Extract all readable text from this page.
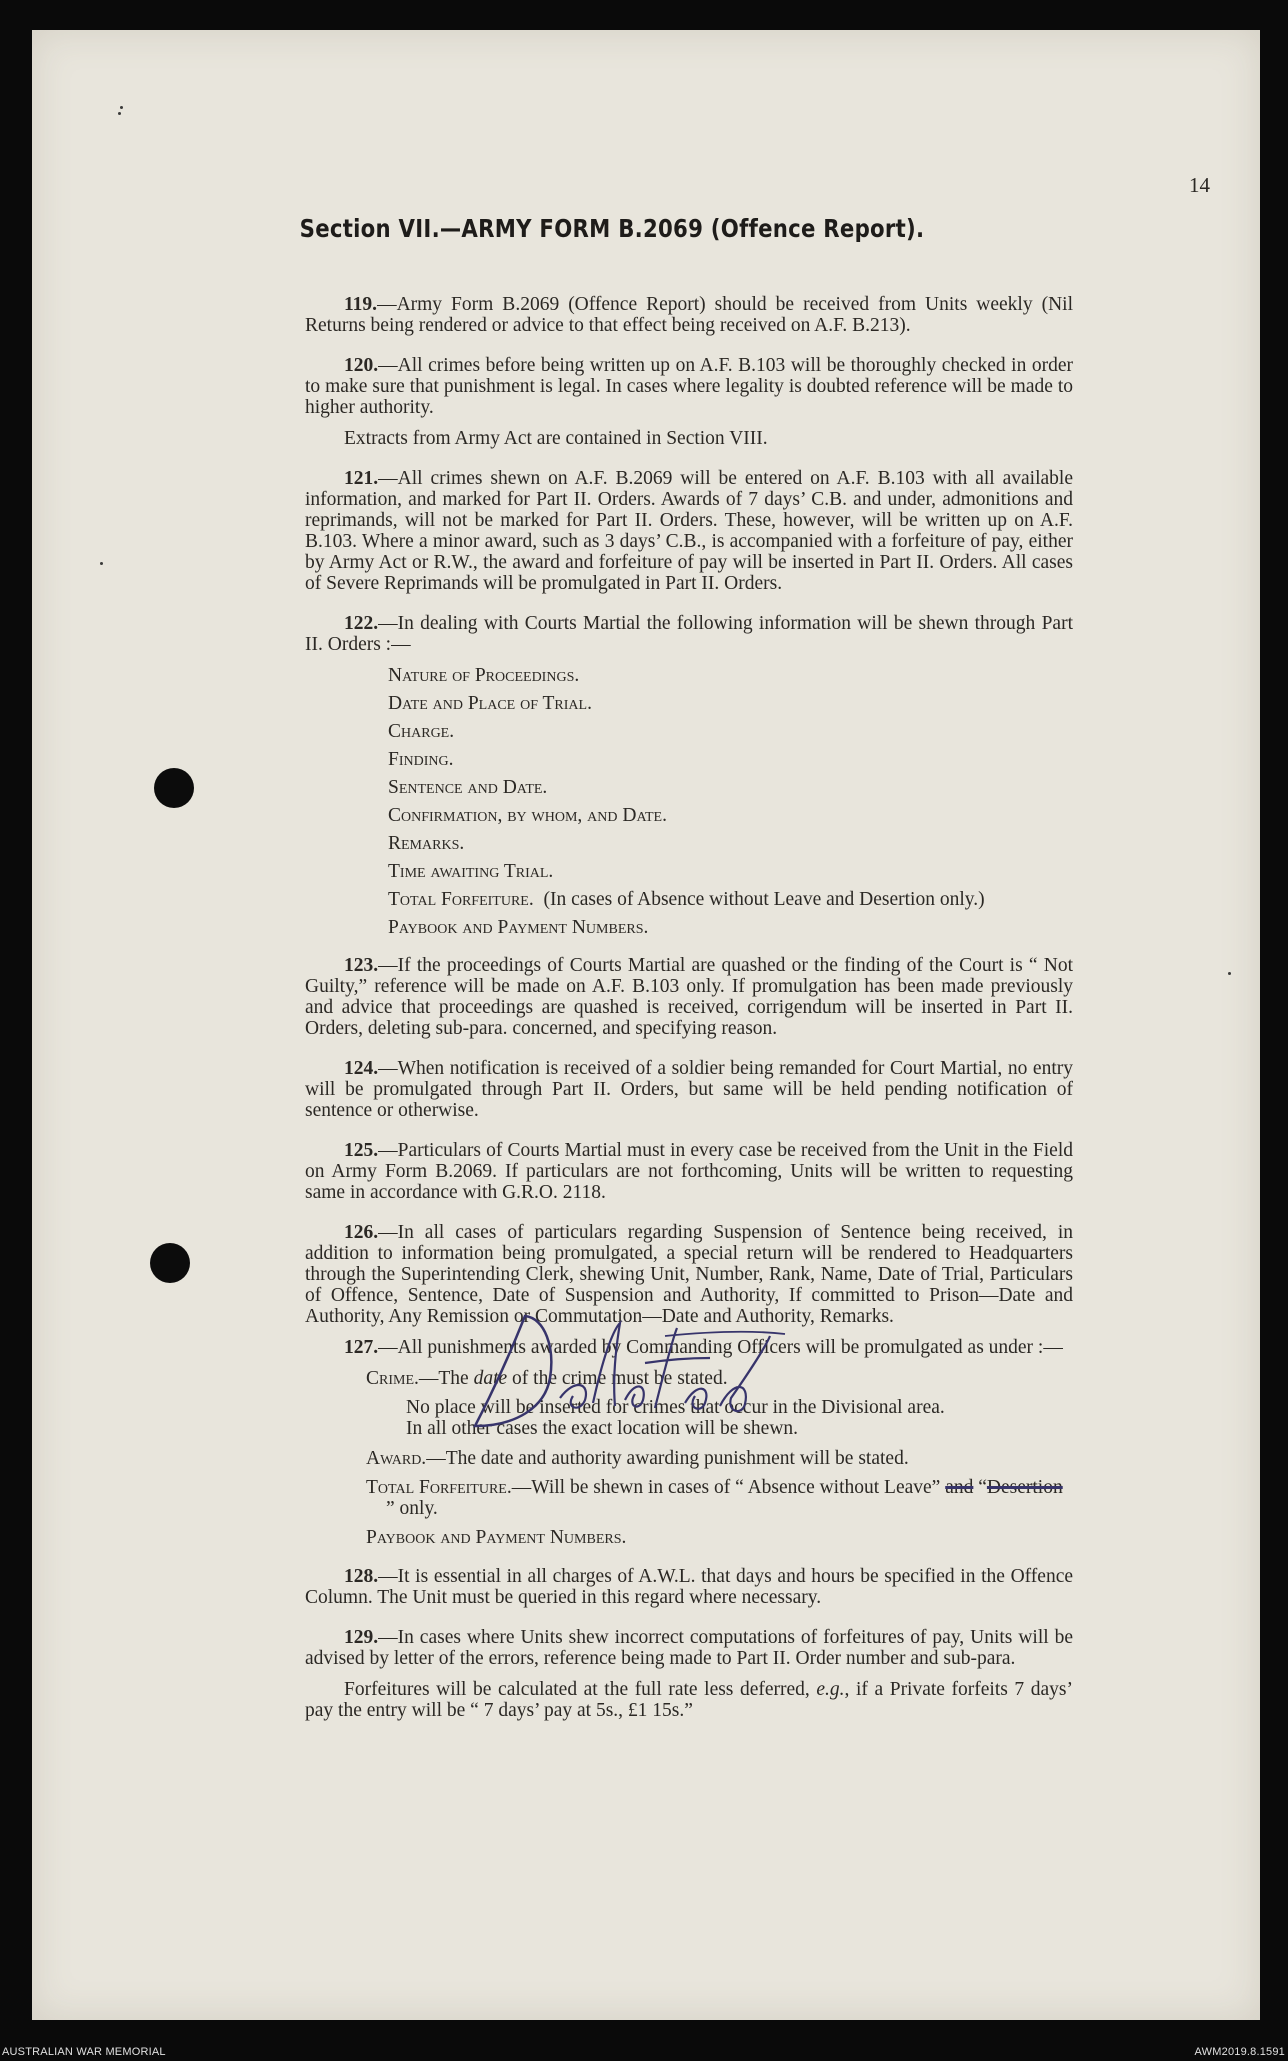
14
Section VII.—ARMY FORM B.2069 (Offence Report).

119.—Army Form B.2069 (Offence Report) should be received from Units weekly (Nil Returns being rendered or advice to that effect being received on A.F. B.213).

120.—All crimes before being written up on A.F. B.103 will be thoroughly checked in order to make sure that punishment is legal. In cases where legality is doubted reference will be made to higher authority.

Extracts from Army Act are contained in Section VIII.

121.—All crimes shewn on A.F. B.2069 will be entered on A.F. B.103 with all available information, and marked for Part II. Orders. Awards of 7 days’ C.B. and under, admonitions and reprimands, will not be marked for Part II. Orders. These, however, will be written up on A.F. B.103. Where a minor award, such as 3 days’ C.B., is accompanied with a forfeiture of pay, either by Army Act or R.W., the award and forfeiture of pay will be inserted in Part II. Orders. All cases of Severe Reprimands will be promulgated in Part II. Orders.

122.—In dealing with Courts Martial the following information will be shewn through Part II. Orders :—

Nature of Proceedings.
Date and Place of Trial.
Charge.
Finding.
Sentence and Date.
Confirmation, by whom, and Date.
Remarks.
Time awaiting Trial.
Total Forfeiture. (In cases of Absence without Leave and Desertion only.)
Paybook and Payment Numbers.

123.—If the proceedings of Courts Martial are quashed or the finding of the Court is “ Not Guilty,” reference will be made on A.F. B.103 only. If promulgation has been made previously and advice that proceedings are quashed is received, corrigendum will be inserted in Part II. Orders, deleting sub-para. concerned, and specifying reason.

124.—When notification is received of a soldier being remanded for Court Martial, no entry will be promulgated through Part II. Orders, but same will be held pending notification of sentence or otherwise.

125.—Particulars of Courts Martial must in every case be received from the Unit in the Field on Army Form B.2069. If particulars are not forthcoming, Units will be written to requesting same in accordance with G.R.O. 2118.

126.—In all cases of particulars regarding Suspension of Sentence being received, in addition to information being promulgated, a special return will be rendered to Headquarters through the Superintending Clerk, shewing Unit, Number, Rank, Name, Date of Trial, Particulars of Offence, Sentence, Date of Suspension and Authority, If committed to Prison—Date and Authority, Any Remission or Commutation—Date and Authority, Remarks.

127.—All punishments awarded by Commanding Officers will be promulgated as under :—

Crime.—The date of the crime must be stated.
No place will be inserted for crimes that occur in the Divisional area.
In all other cases the exact location will be shewn.
Award.—The date and authority awarding punishment will be stated.
Total Forfeiture.—Will be shewn in cases of “ Absence without Leave” and “Desertion ” only.
Paybook and Payment Numbers.

128.—It is essential in all charges of A.W.L. that days and hours be specified in the Offence Column. The Unit must be queried in this regard where necessary.

129.—In cases where Units shew incorrect computations of forfeitures of pay, Units will be advised by letter of the errors, reference being made to Part II. Order number and sub-para.

Forfeitures will be calculated at the full rate less deferred, e.g., if a Private forfeits 7 days’ pay the entry will be “ 7 days’ pay at 5s., £1 15s.”

AUSTRALIAN WAR MEMORIAL	AWM2019.8.1591
